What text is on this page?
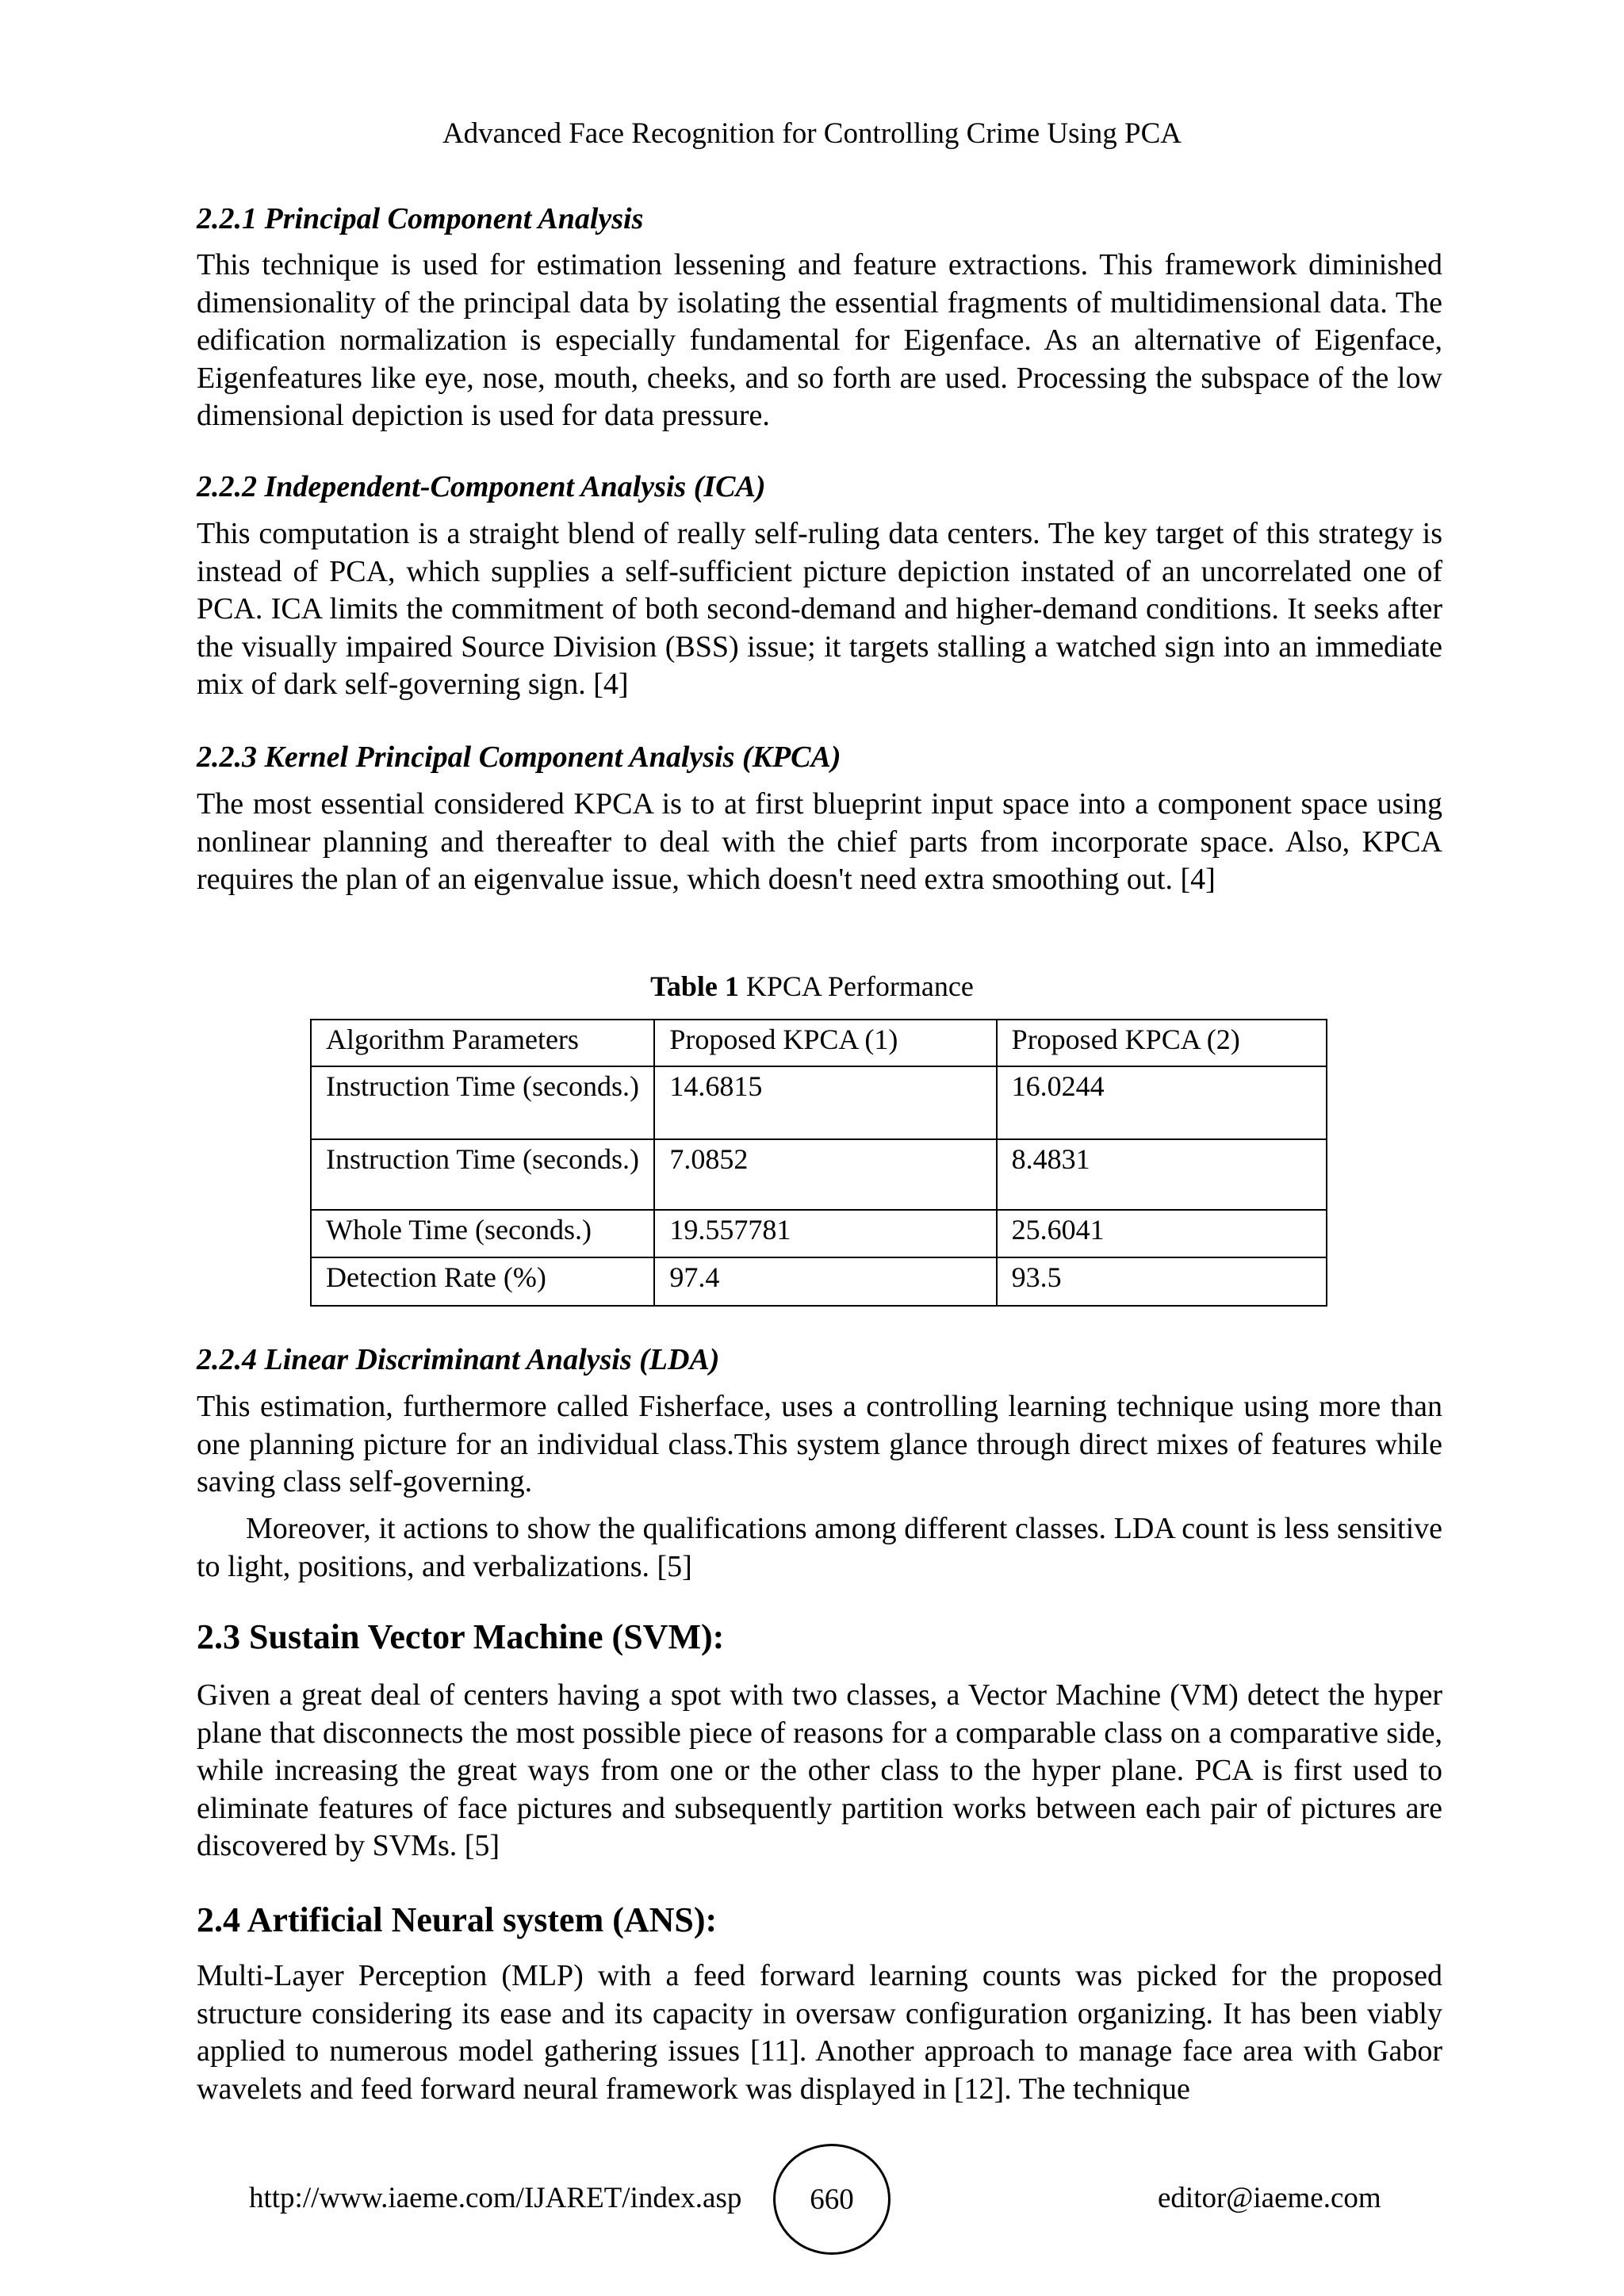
Advanced Face Recognition for Controlling Crime Using PCA
2.2.1 Principal Component Analysis

This technique is used for estimation lessening and feature extractions. This framework diminished dimensionality of the principal data by isolating the essential fragments of multidimensional data. The edification normalization is especially fundamental for Eigenface. As an alternative of Eigenface, Eigenfeatures like eye, nose, mouth, cheeks, and so forth are used. Processing the subspace of the low dimensional depiction is used for data pressure.

2.2.2 Independent-Component Analysis (ICA)

This computation is a straight blend of really self-ruling data centers. The key target of this strategy is instead of PCA, which supplies a self-sufficient picture depiction instated of an uncorrelated one of PCA. ICA limits the commitment of both second-demand and higher-demand conditions. It seeks after the visually impaired Source Division (BSS) issue; it targets stalling a watched sign into an immediate mix of dark self-governing sign. [4]

2.2.3 Kernel Principal Component Analysis (KPCA)

The most essential considered KPCA is to at first blueprint input space into a component space using nonlinear planning and thereafter to deal with the chief parts from incorporate space. Also, KPCA requires the plan of an eigenvalue issue, which doesn't need extra smoothing out. [4]

Table 1 KPCA Performance
Algorithm Parameters	Proposed KPCA (1)	Proposed KPCA (2)
Instruction Time (seconds.)	14.6815	16.0244
Instruction Time (seconds.)	7.0852	8.4831
Whole Time (seconds.)	19.557781	25.6041
Detection Rate (%)	97.4	93.5
2.2.4 Linear Discriminant Analysis (LDA)

This estimation, furthermore called Fisherface, uses a controlling learning technique using more than one planning picture for an individual class.This system glance through direct mixes of features while saving class self-governing.

Moreover, it actions to show the qualifications among different classes. LDA count is less sensitive to light, positions, and verbalizations. [5]

2.3 Sustain Vector Machine (SVM):

Given a great deal of centers having a spot with two classes, a Vector Machine (VM) detect the hyper plane that disconnects the most possible piece of reasons for a comparable class on a comparative side, while increasing the great ways from one or the other class to the hyper plane. PCA is first used to eliminate features of face pictures and subsequently partition works between each pair of pictures are discovered by SVMs. [5]

2.4 Artificial Neural system (ANS):

Multi-Layer Perception (MLP) with a feed forward learning counts was picked for the proposed structure considering its ease and its capacity in oversaw configuration organizing. It has been viably applied to numerous model gathering issues [11]. Another approach to manage face area with Gabor wavelets and feed forward neural framework was displayed in [12]. The technique

http://www.iaeme.com/IJARET/index.asp 660	editor@iaeme.com
